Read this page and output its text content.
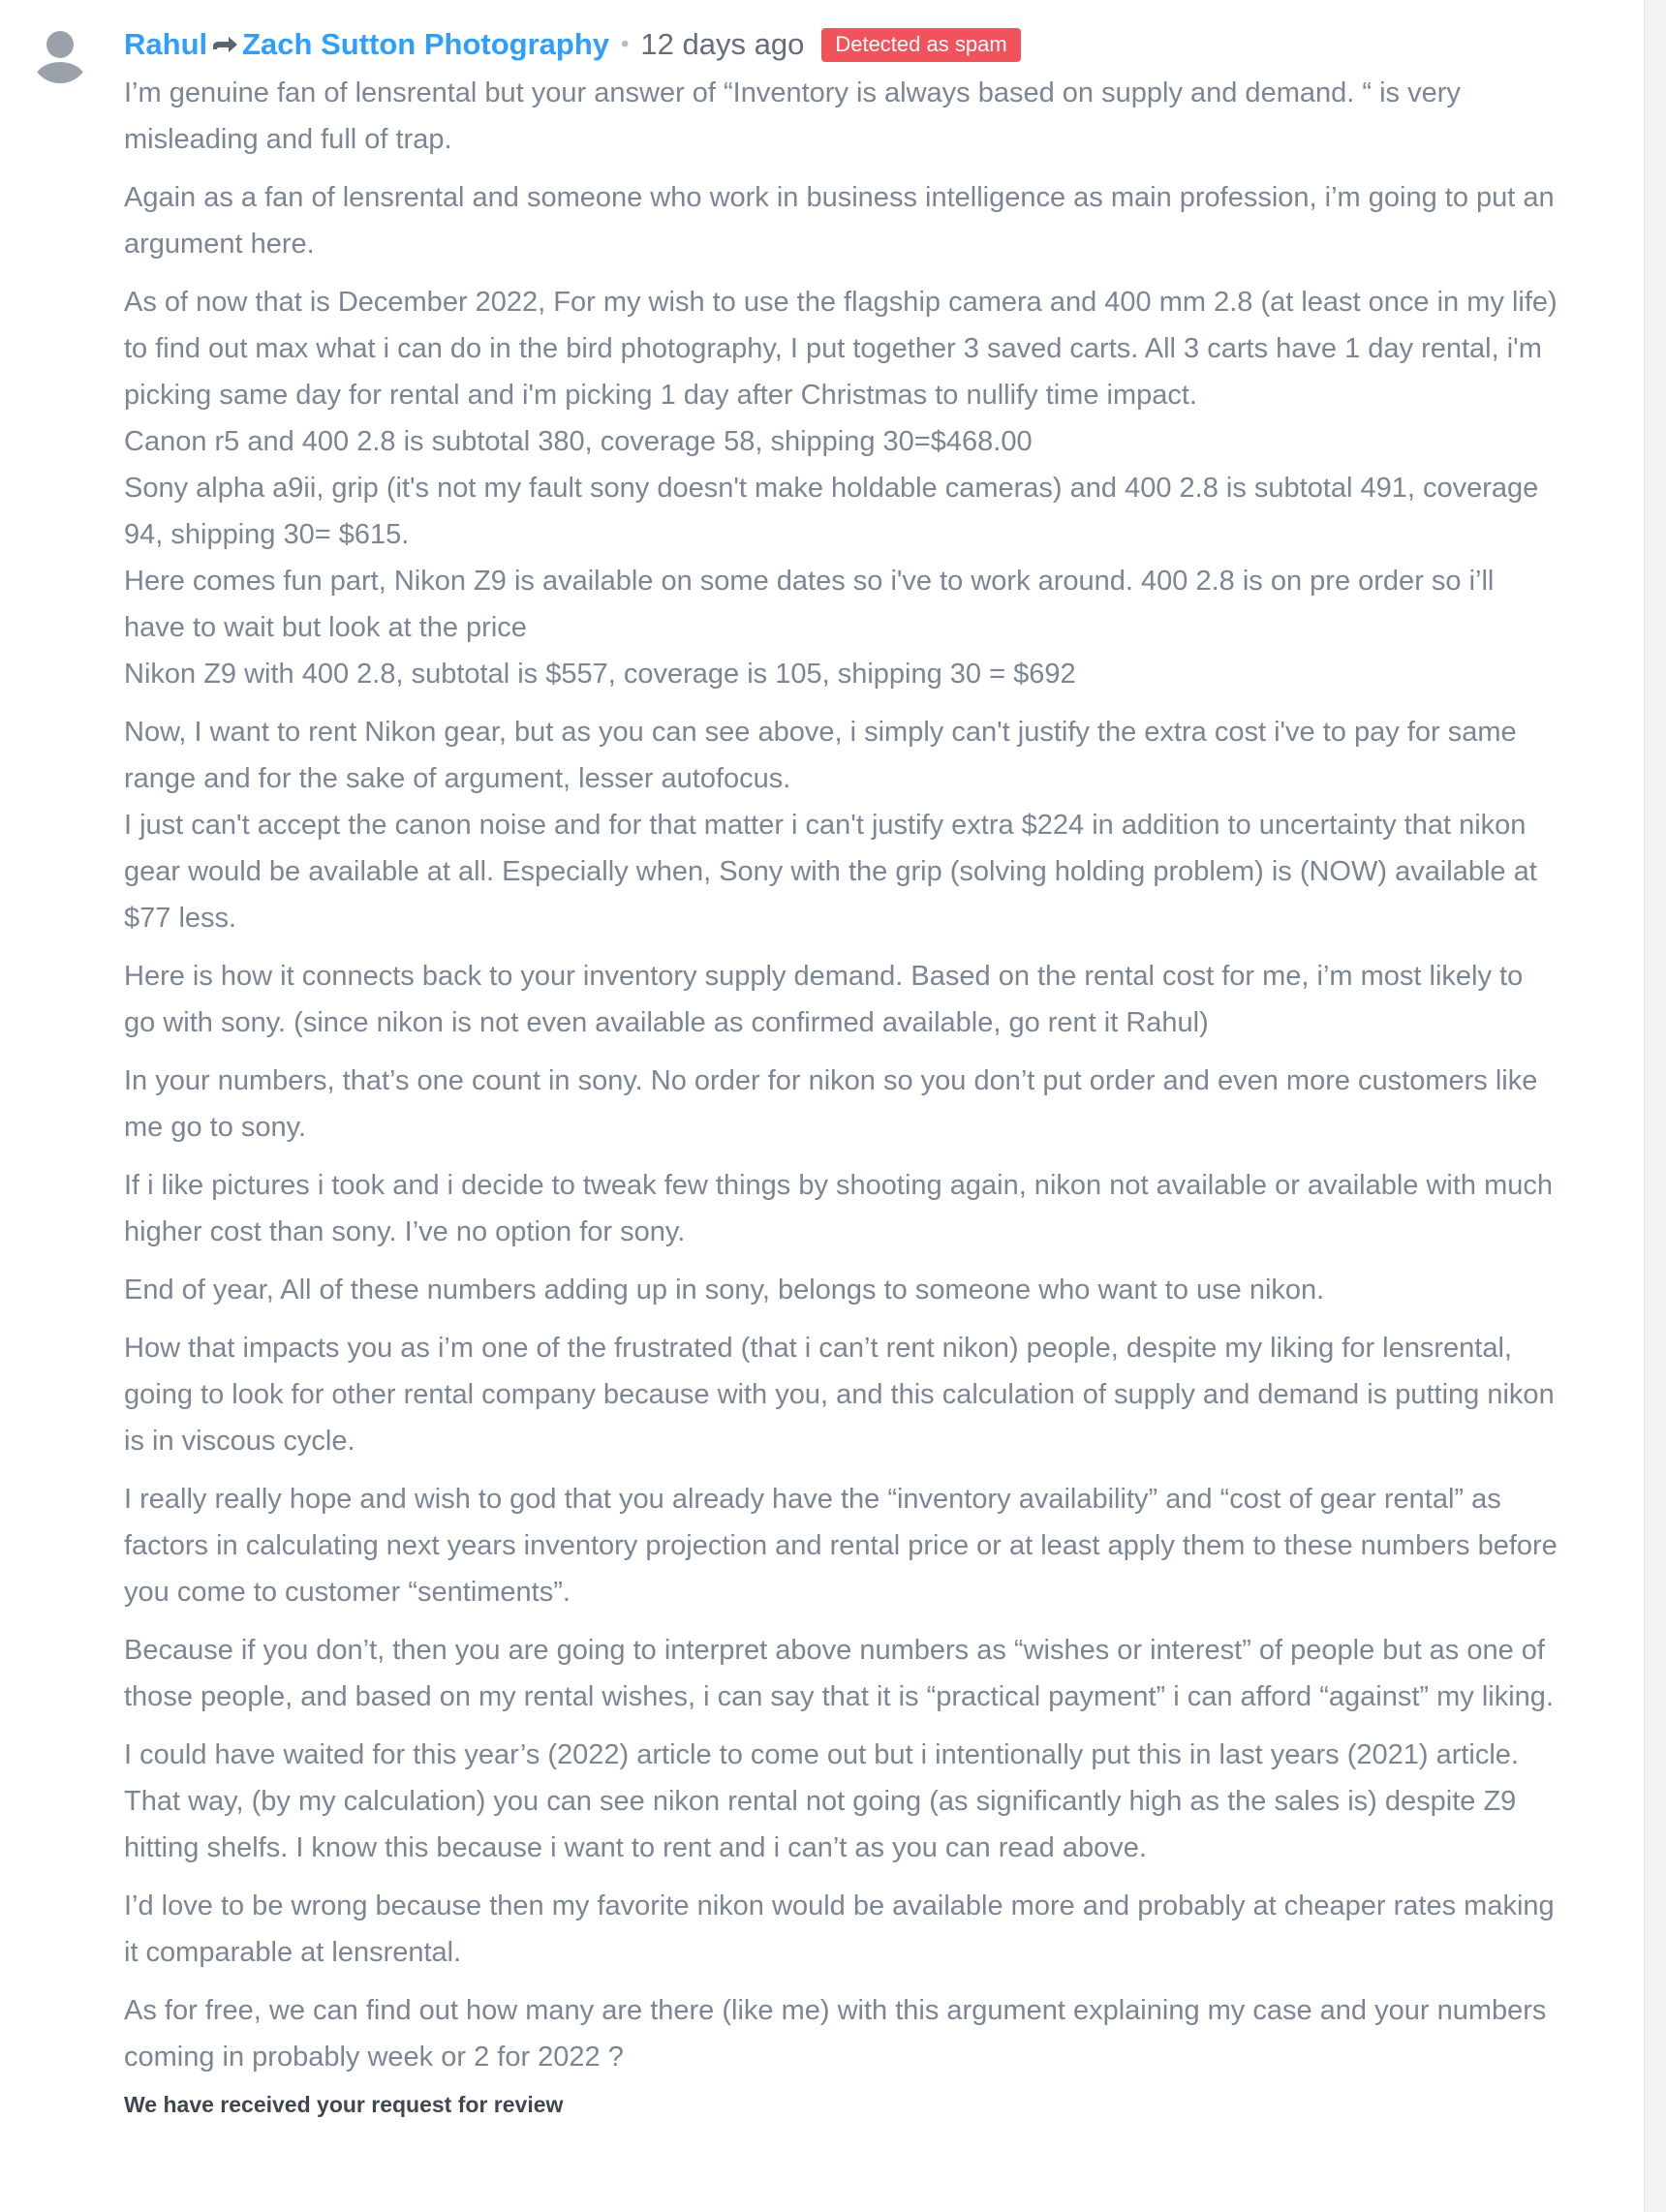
Rahul Zach Sutton Photography • 12 days ago	Detected as spam

I’m genuine fan of lensrental but your answer of “Inventory is always based on supply and demand. “ is very misleading and full of trap.

Again as a fan of lensrental and someone who work in business intelligence as main profession, i’m going to put an argument here.

As of now that is December 2022, For my wish to use the flagship camera and 400 mm 2.8 (at least once in my life) to find out max what i can do in the bird photography, I put together 3 saved carts. All 3 carts have 1 day rental, i'm picking same day for rental and i'm picking 1 day after Christmas to nullify time impact.
Canon r5 and 400 2.8 is subtotal 380, coverage 58, shipping 30=$468.00
Sony alpha a9ii, grip (it's not my fault sony doesn't make holdable cameras) and 400 2.8 is subtotal 491, coverage 94, shipping 30= $615.
Here comes fun part, Nikon Z9 is available on some dates so i've to work around. 400 2.8 is on pre order so i’ll have to wait but look at the price
Nikon Z9 with 400 2.8, subtotal is $557, coverage is 105, shipping 30 = $692

Now, I want to rent Nikon gear, but as you can see above, i simply can't justify the extra cost i've to pay for same range and for the sake of argument, lesser autofocus.
I just can't accept the canon noise and for that matter i can't justify extra $224 in addition to uncertainty that nikon gear would be available at all. Especially when, Sony with the grip (solving holding problem) is (NOW) available at $77 less.

Here is how it connects back to your inventory supply demand. Based on the rental cost for me, i’m most likely to go with sony. (since nikon is not even available as confirmed available, go rent it Rahul)

In your numbers, that’s one count in sony. No order for nikon so you don’t put order and even more customers like me go to sony.

If i like pictures i took and i decide to tweak few things by shooting again, nikon not available or available with much higher cost than sony. I’ve no option for sony.

End of year, All of these numbers adding up in sony, belongs to someone who want to use nikon.

How that impacts you as i’m one of the frustrated (that i can’t rent nikon) people, despite my liking for lensrental, going to look for other rental company because with you, and this calculation of supply and demand is putting nikon is in viscous cycle.

I really really hope and wish to god that you already have the “inventory availability” and “cost of gear rental” as factors in calculating next years inventory projection and rental price or at least apply them to these numbers before you come to customer “sentiments”.

Because if you don’t, then you are going to interpret above numbers as “wishes or interest” of people but as one of those people, and based on my rental wishes, i can say that it is “practical payment” i can afford “against” my liking.

I could have waited for this year’s (2022) article to come out but i intentionally put this in last years (2021) article. That way, (by my calculation) you can see nikon rental not going (as significantly high as the sales is) despite Z9 hitting shelfs. I know this because i want to rent and i can’t as you can read above.

I’d love to be wrong because then my favorite nikon would be available more and probably at cheaper rates making it comparable at lensrental.

As for free, we can find out how many are there (like me) with this argument explaining my case and your numbers coming in probably week or 2 for 2022 ?

We have received your request for review
